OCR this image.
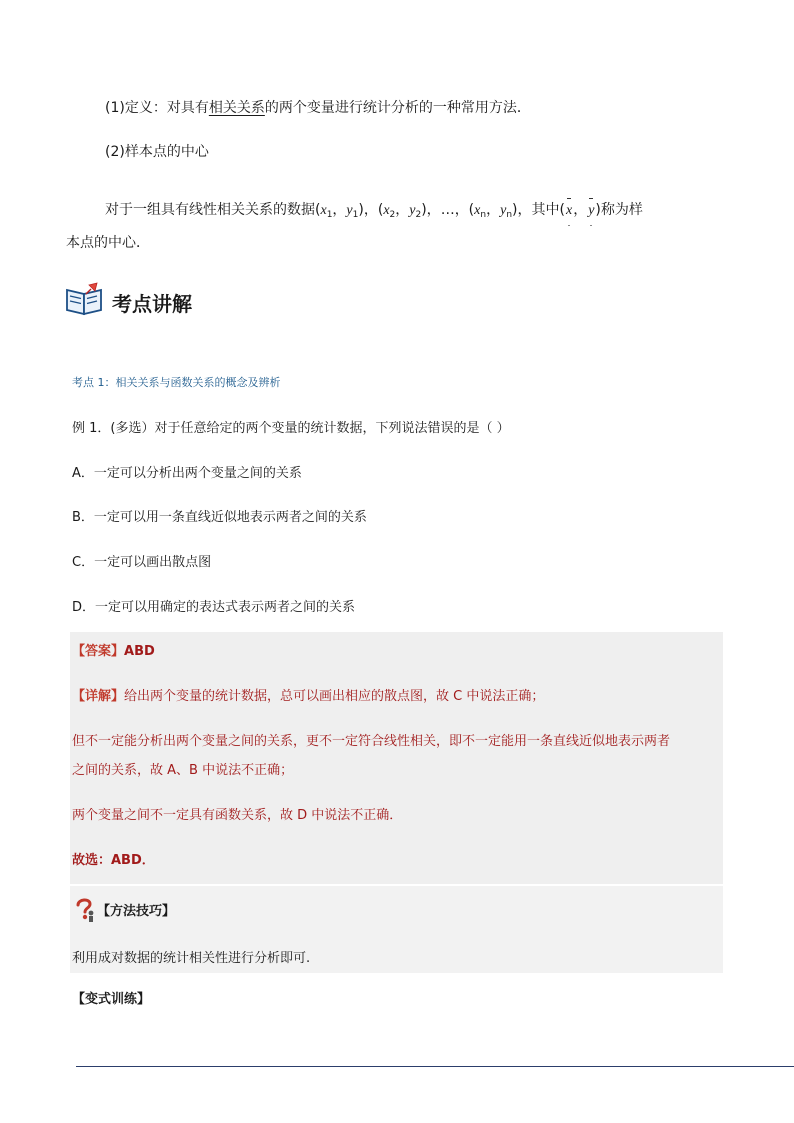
(1)定义：对具有相关关系的两个变量进行统计分析的一种常用方法．
(2)样本点的中心
对于一组具有线性相关关系的数据($x_1$，$y_1$)，($x_2$，$y_2$)，…，($x_n$，$y_n$)，其中(x，y)称为样
本点的中心．
考点讲解
考点 1：相关关系与函数关系的概念及辨析
例 1．(多选）对于任意给定的两个变量的统计数据，下列说法错误的是（ ）
A．一定可以分析出两个变量之间的关系
B．一定可以用一条直线近似地表示两者之间的关系
C．一定可以画出散点图
D．一定可以用确定的表达式表示两者之间的关系
【答案】ABD
【详解】给出两个变量的统计数据，总可以画出相应的散点图，故 C 中说法正确；
但不一定能分析出两个变量之间的关系，更不一定符合线性相关，即不一定能用一条直线近似地表示两者
之间的关系，故 A、B 中说法不正确；
两个变量之间不一定具有函数关系，故 D 中说法不正确．
故选：ABD．
【方法技巧】
利用成对数据的统计相关性进行分析即可.
【变式训练】
